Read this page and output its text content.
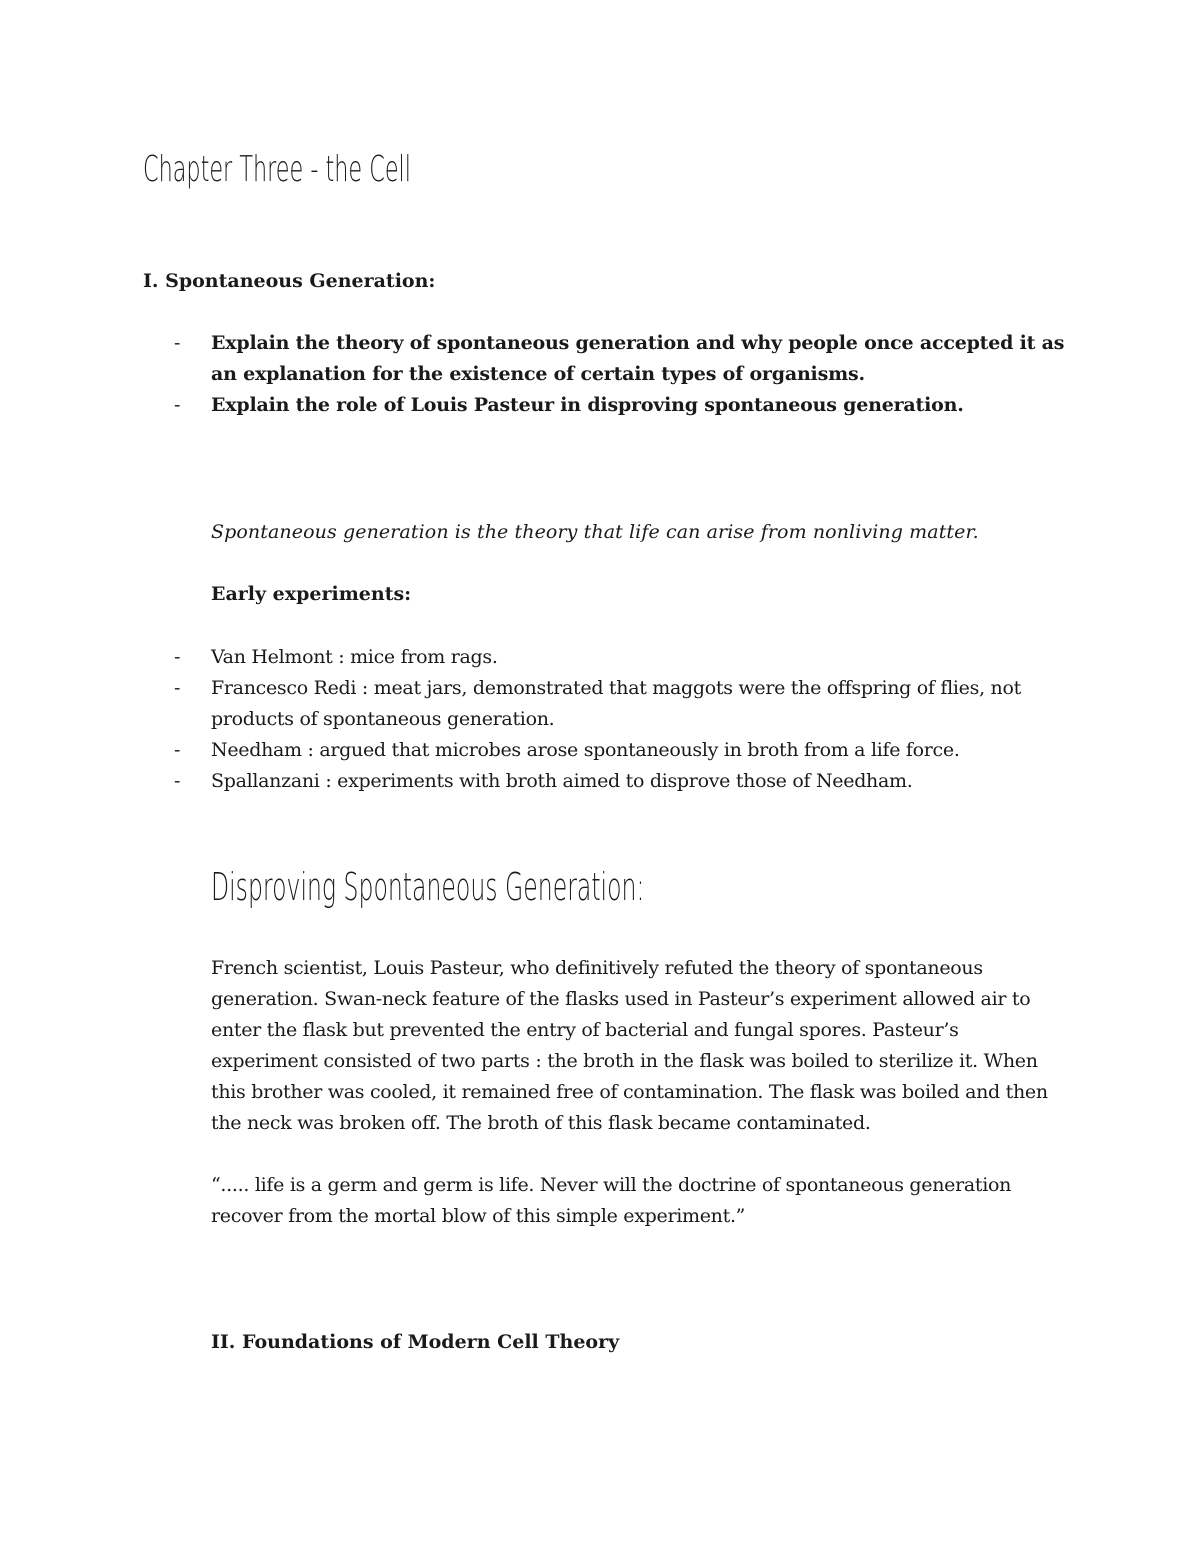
Chapter Three - the Cell
I. Spontaneous Generation:
- Explain the theory of spontaneous generation and why people once accepted it as an explanation for the existence of certain types of organisms.
- Explain the role of Louis Pasteur in disproving spontaneous generation.
Spontaneous generation is the theory that life can arise from nonliving matter.
Early experiments:
- Van Helmont : mice from rags.
- Francesco Redi : meat jars, demonstrated that maggots were the offspring of flies, not products of spontaneous generation.
- Needham : argued that microbes arose spontaneously in broth from a life force.
- Spallanzani : experiments with broth aimed to disprove those of Needham.
Disproving Spontaneous Generation:

French scientist, Louis Pasteur, who definitively refuted the theory of spontaneous generation. Swan-neck feature of the flasks used in Pasteur’s experiment allowed air to enter the flask but prevented the entry of bacterial and fungal spores. Pasteur’s experiment consisted of two parts : the broth in the flask was boiled to sterilize it. When this brother was cooled, it remained free of contamination. The flask was boiled and then the neck was broken off. The broth of this flask became contaminated.

“..... life is a germ and germ is life. Never will the doctrine of spontaneous generation recover from the mortal blow of this simple experiment.”

II. Foundations of Modern Cell Theory
